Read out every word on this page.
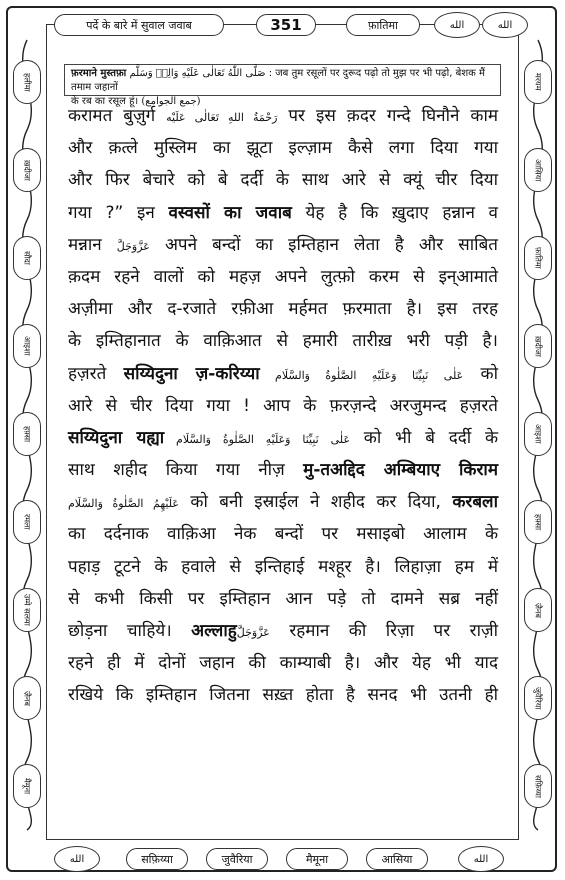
हलीमा
ख़दीजा
सौदा
आइशा
हफ़्सा
रमला
उम्मे सलमा
ज़ैनब
मैमूना
मरयम
आसिया
फ़ातिमा
ख़दीजा
आइशा
हफ़्सा
ज़ैनब
जुवैरिया
सफ़िय्या
पर्दे के बारे में सुवाल जवाब	351	फ़ातिमा	الله	الله
फ़रमाने मुस्तफ़ा صَلَّى اللّٰهُ تَعَالٰى عَلَيْهِ وَالِهٖ وَسَلَّم : जब तुम रसूलों पर दुरूद पढ़ो तो मुझ पर भी पढ़ो, बेशक मैं तमाम जहानों
के रब का रसूल हूं। (جمع الجوامع)
करामत बुज़ुर्ग رَحْمَةُ اللهِ تَعَالٰى عَلَيْه पर इस क़दर गन्दे घिनौने काम
और क़त्ले मुस्लिम का झूटा इल्ज़ाम कैसे लगा दिया गया
और फिर बेचारे को बे दर्दी के साथ आरे से क्यूं चीर दिया
गया ?” इन वस्वसों का जवाब येह है कि ख़ुदाए हन्नान व
मन्नान عَزَّوَجَلَّ अपने बन्दों का इम्तिहान लेता है और साबित
क़दम रहने वालों को महज़ अपने लुत्फ़ो करम से इन्आमाते
अज़ीमा और द-रजाते रफ़ीआ मर्हमत फ़रमाता है। इस तरह
के इम्तिहानात के वाक़िआत से हमारी तारीख़ भरी पड़ी है।
हज़रते सय्यिदुना ज़-करिय्या عَلٰى نَبِيِّنَا وَعَلَيْهِ الصَّلٰوةُ وَالسَّلَام को
आरे से चीर दिया गया ! आप के फ़रज़न्दे अरजुमन्द हज़रते
सय्यिदुना यह्या عَلٰى نَبِيِّنَا وَعَلَيْهِ الصَّلٰوةُ وَالسَّلَام को भी बे दर्दी के
साथ शहीद किया गया नीज़ मु-तअद्दिद अम्बियाए किराम
عَلَيْهِمُ الصَّلٰوةُ وَالسَّلَام को बनी इस्राईल ने शहीद कर दिया, करबला
का दर्दनाक वाक़िआ नेक बन्दों पर मसाइबो आलाम के
पहाड़ टूटने के हवाले से इन्तिहाई मश्हूर है। लिहाज़ा हम में
से कभी किसी पर इम्तिहान आन पड़े तो दामने सब्र नहीं
छोड़ना चाहिये। अल्लाहुعَزَّوَجَلَّ रहमान की रिज़ा पर राज़ी
रहने ही में दोनों जहान की काम्याबी है। और येह भी याद
रखिये कि इम्तिहान जितना सख़्त होता है सनद भी उतनी ही
الله	सफ़िय्या	जुवैरिया	मैमूना	आसिया	الله
